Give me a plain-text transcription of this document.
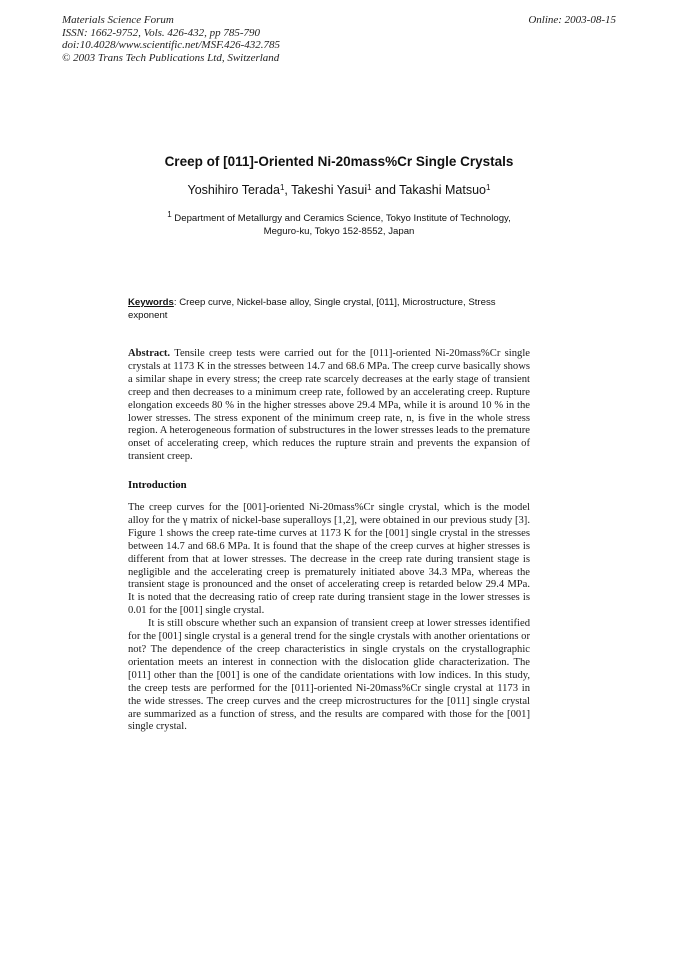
Materials Science Forum
ISSN: 1662-9752, Vols. 426-432, pp 785-790
doi:10.4028/www.scientific.net/MSF.426-432.785
© 2003 Trans Tech Publications Ltd, Switzerland
Online: 2003-08-15
Creep of [011]-Oriented Ni-20mass%Cr Single Crystals
Yoshihiro Terada$^1$, Takeshi Yasui$^1$ and Takashi Matsuo$^1$
$^1$ Department of Metallurgy and Ceramics Science, Tokyo Institute of Technology,
Meguro-ku, Tokyo 152-8552, Japan
Keywords: Creep curve, Nickel-base alloy, Single crystal, [011], Microstructure, Stress exponent
Abstract. Tensile creep tests were carried out for the [011]-oriented Ni-20mass%Cr single crystals at 1173 K in the stresses between 14.7 and 68.6 MPa. The creep curve basically shows a similar shape in every stress; the creep rate scarcely decreases at the early stage of transient creep and then decreases to a minimum creep rate, followed by an accelerating creep. Rupture elongation exceeds 80 % in the higher stresses above 29.4 MPa, while it is around 10 % in the lower stresses. The stress exponent of the minimum creep rate, n, is five in the whole stress region. A heterogeneous formation of substructures in the lower stresses leads to the premature onset of accelerating creep, which reduces the rupture strain and prevents the expansion of transient creep.
Introduction

The creep curves for the [001]-oriented Ni-20mass%Cr single crystal, which is the model alloy for the γ matrix of nickel-base superalloys [1,2], were obtained in our previous study [3]. Figure 1 shows the creep rate-time curves at 1173 K for the [001] single crystal in the stresses between 14.7 and 68.6 MPa. It is found that the shape of the creep curves at higher stresses is different from that at lower stresses. The decrease in the creep rate during transient stage is negligible and the accelerating creep is prematurely initiated above 34.3 MPa, whereas the transient stage is pronounced and the onset of accelerating creep is retarded below 29.4 MPa. It is noted that the decreasing ratio of creep rate during transient stage in the lower stresses is 0.01 for the [001] single crystal.

It is still obscure whether such an expansion of transient creep at lower stresses identified for the [001] single crystal is a general trend for the single crystals with another orientations or not? The dependence of the creep characteristics in single crystals on the crystallographic orientation meets an interest in connection with the dislocation glide characterization. The [011] other than the [001] is one of the candidate orientations with low indices. In this study, the creep tests are performed for the [011]-oriented Ni-20mass%Cr single crystal at 1173 in the wide stresses. The creep curves and the creep microstructures for the [011] single crystal are summarized as a function of stress, and the results are compared with those for the [001] single crystal.
